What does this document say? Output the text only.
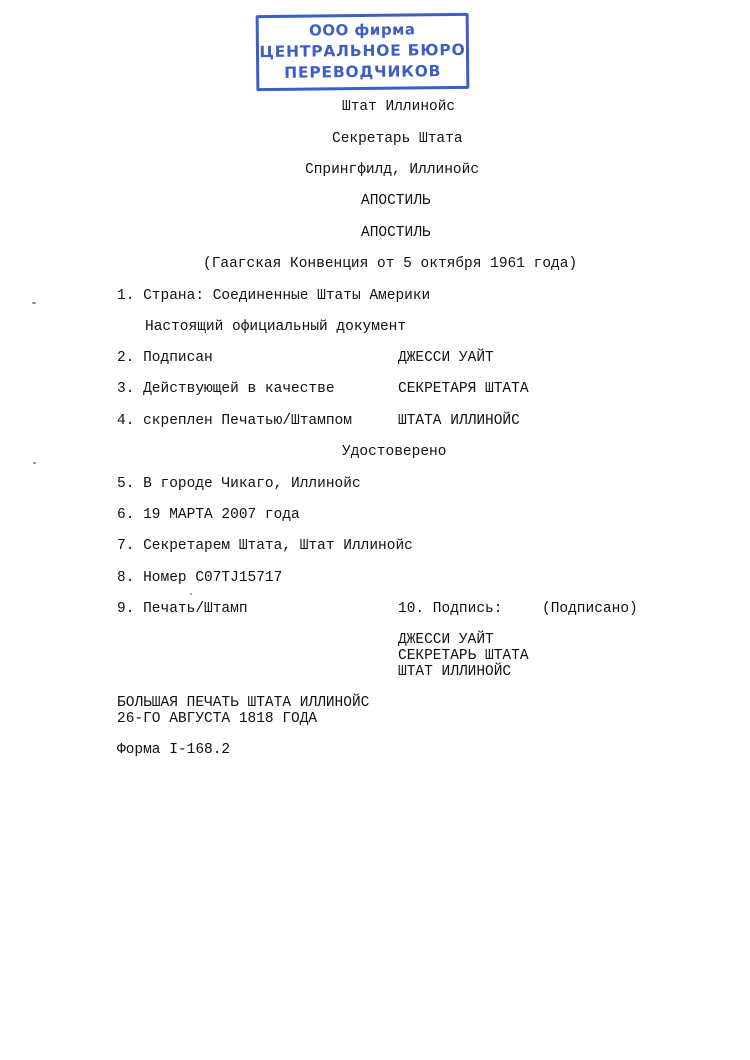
ООО фирма
ЦЕНТРАЛЬНОЕ БЮРО
ПЕРЕВОДЧИКОВ
Штат Иллинойс
Секретарь Штата
Спрингфилд, Иллинойс
АПОСТИЛЬ
АПОСТИЛЬ
(Гаагская Конвенция от 5 октября 1961 года)
1. Страна: Соединенные Штаты Америки
Настоящий официальный документ
2. Подписан	ДЖЕССИ УАЙТ
3. Действующей в качестве	СЕКРЕТАРЯ ШТАТА
4. скреплен Печатью/Штампом	ШТАТА ИЛЛИНОЙС
Удостоверено
5. В городе Чикаго, Иллинойс
6. 19 МАРТА 2007 года
7. Секретарем Штата, Штат Иллинойс
8. Номер C07TJ15717
9. Печать/Штамп	10. Подпись:	(Подписано)
ДЖЕССИ УАЙТ
СЕКРЕТАРЬ ШТАТА
ШТАТ ИЛЛИНОЙС
БОЛЬШАЯ ПЕЧАТЬ ШТАТА ИЛЛИНОЙС
26-ГО АВГУСТА 1818 ГОДА
Форма I-168.2
